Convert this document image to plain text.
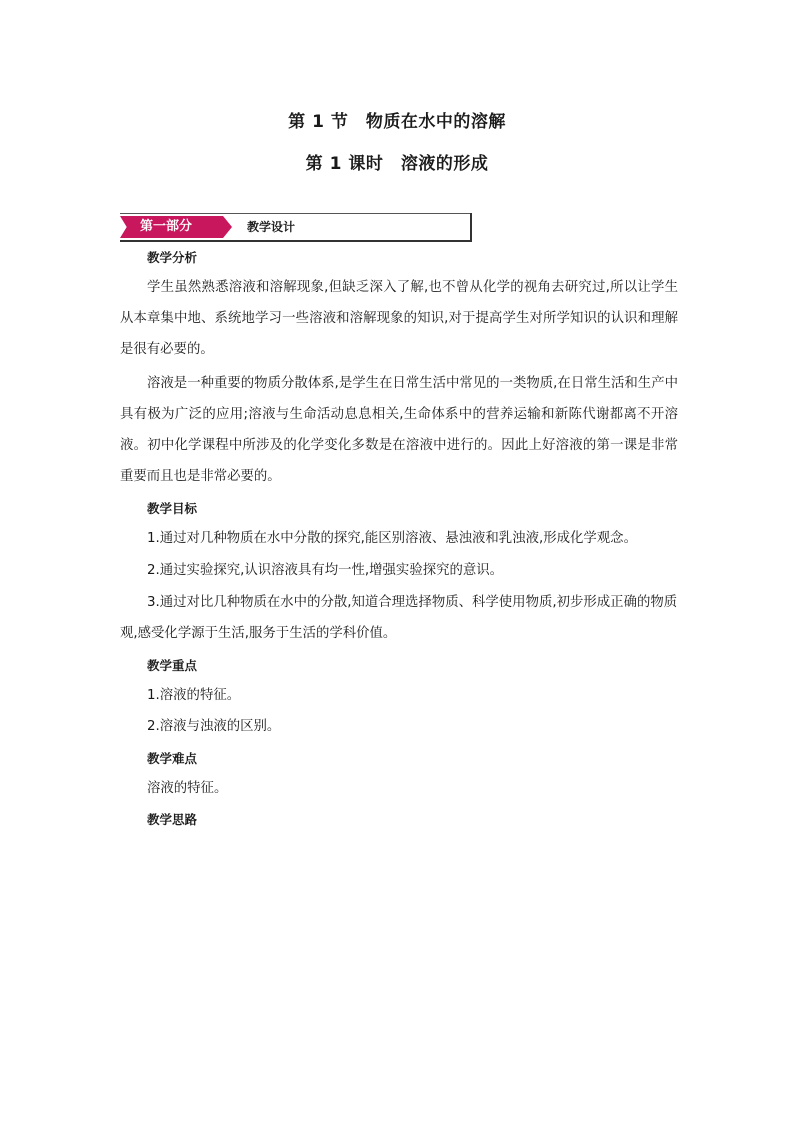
第 1 节　物质在水中的溶解
第 1 课时　溶液的形成
第一部分	教学设计
教学分析
学生虽然熟悉溶液和溶解现象,但缺乏深入了解,也不曾从化学的视角去研究过,所以让学生从本章集中地、系统地学习一些溶液和溶解现象的知识,对于提高学生对所学知识的认识和理解是很有必要的。
溶液是一种重要的物质分散体系,是学生在日常生活中常见的一类物质,在日常生活和生产中具有极为广泛的应用;溶液与生命活动息息相关,生命体系中的营养运输和新陈代谢都离不开溶液。初中化学课程中所涉及的化学变化多数是在溶液中进行的。因此上好溶液的第一课是非常重要而且也是非常必要的。
教学目标
1.通过对几种物质在水中分散的探究,能区别溶液、悬浊液和乳浊液,形成化学观念。
2.通过实验探究,认识溶液具有均一性,增强实验探究的意识。
3.通过对比几种物质在水中的分散,知道合理选择物质、科学使用物质,初步形成正确的物质观,感受化学源于生活,服务于生活的学科价值。
教学重点
1.溶液的特征。
2.溶液与浊液的区别。
教学难点
溶液的特征。
教学思路
